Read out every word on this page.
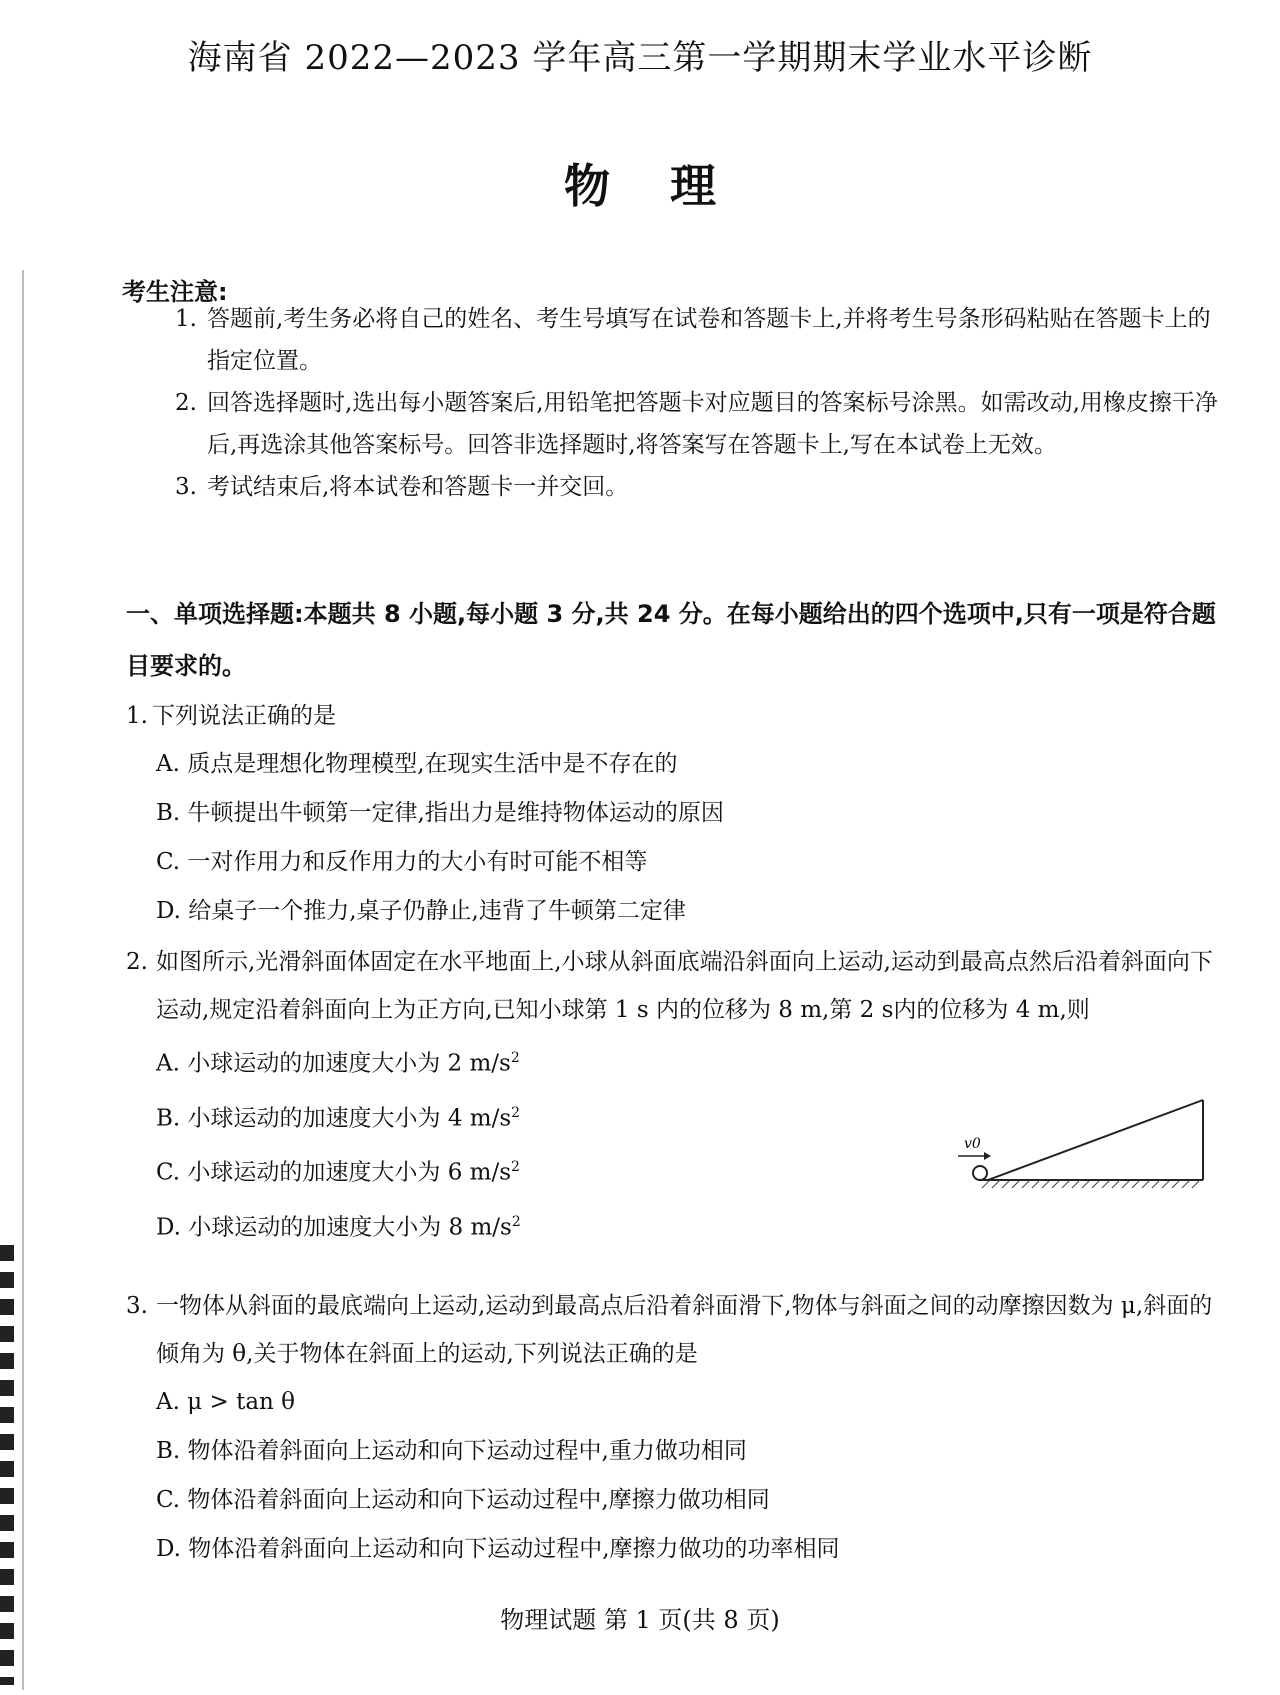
海南省 2022—2023 学年高三第一学期期末学业水平诊断
物理
考生注意:
1. 答题前,考生务必将自己的姓名、考生号填写在试卷和答题卡上,并将考生号条形码粘贴在答题卡上的指定位置。
2. 回答选择题时,选出每小题答案后,用铅笔把答题卡对应题目的答案标号涂黑。如需改动,用橡皮擦干净后,再选涂其他答案标号。回答非选择题时,将答案写在答题卡上,写在本试卷上无效。
3. 考试结束后,将本试卷和答题卡一并交回。
一、单项选择题:本题共 8 小题,每小题 3 分,共 24 分。在每小题给出的四个选项中,只有一项是符合题目要求的。
1. 下列说法正确的是
A. 质点是理想化物理模型,在现实生活中是不存在的
B. 牛顿提出牛顿第一定律,指出力是维持物体运动的原因
C. 一对作用力和反作用力的大小有时可能不相等
D. 给桌子一个推力,桌子仍静止,违背了牛顿第二定律
2. 如图所示,光滑斜面体固定在水平地面上,小球从斜面底端沿斜面向上运动,运动到最高点然后沿着斜面向下运动,规定沿着斜面向上为正方向,已知小球第 1 s 内的位移为 8 m,第 2 s内的位移为 4 m,则
A. 小球运动的加速度大小为 2 $m/s^2$
B. 小球运动的加速度大小为 4 $m/s^2$
C. 小球运动的加速度大小为 6 $m/s^2$
D. 小球运动的加速度大小为 8 $m/s^2$
v0
3. 一物体从斜面的最底端向上运动,运动到最高点后沿着斜面滑下,物体与斜面之间的动摩擦因数为 μ,斜面的倾角为 θ,关于物体在斜面上的运动,下列说法正确的是
A. μ > tan θ
B. 物体沿着斜面向上运动和向下运动过程中,重力做功相同
C. 物体沿着斜面向上运动和向下运动过程中,摩擦力做功相同
D. 物体沿着斜面向上运动和向下运动过程中,摩擦力做功的功率相同
物理试题 第 1 页(共 8 页)
